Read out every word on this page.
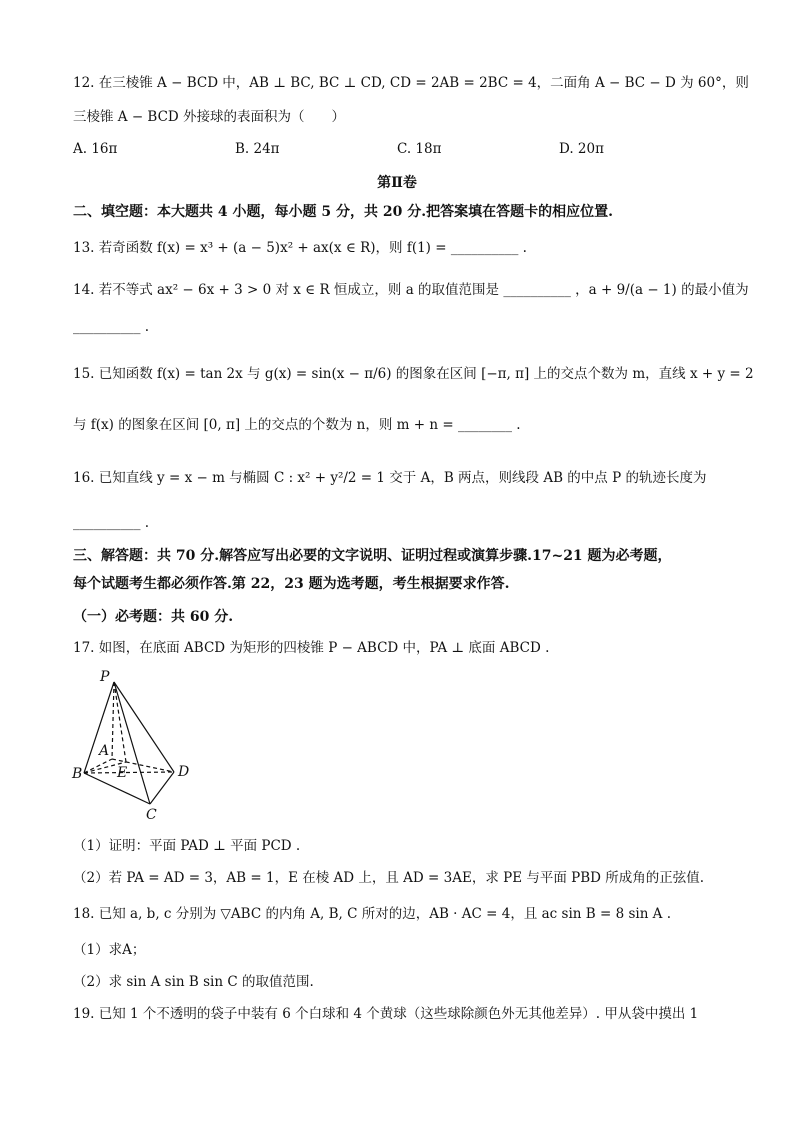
12. 在三棱锥 A − BCD 中，AB ⊥ BC, BC ⊥ CD, CD = 2AB = 2BC = 4，二面角 A − BC − D 为 60°，则
三棱锥 A − BCD 外接球的表面积为（　　）
A. 16π	B. 24π	C. 18π	D. 20π
第Ⅱ卷
二、填空题：本大题共 4 小题，每小题 5 分，共 20 分.把答案填在答题卡的相应位置.
13. 若奇函数 f(x) = x³ + (a − 5)x² + ax(x ∈ R)，则 f(1) = __________ .
14. 若不等式 ax² − 6x + 3 > 0 对 x ∈ R 恒成立，则 a 的取值范围是 __________ ，a + 9/(a − 1) 的最小值为
__________ .
15. 已知函数 f(x) = tan 2x 与 g(x) = sin(x − π/6) 的图象在区间 [−π, π] 上的交点个数为 m，直线 x + y = 2
与 f(x) 的图象在区间 [0, π] 上的交点的个数为 n，则 m + n = ________ .
16. 已知直线 y = x − m 与椭圆 C : x² + y²/2 = 1 交于 A，B 两点，则线段 AB 的中点 P 的轨迹长度为
__________ .
三、解答题：共 70 分.解答应写出必要的文字说明、证明过程或演算步骤.17~21 题为必考题，
每个试题考生都必须作答.第 22，23 题为选考题，考生根据要求作答.
（一）必考题：共 60 分.
17. 如图，在底面 ABCD 为矩形的四棱锥 P − ABCD 中，PA ⊥ 底面 ABCD .
P
A
B E	D
C
（1）证明：平面 PAD ⊥ 平面 PCD .
（2）若 PA = AD = 3，AB = 1，E 在棱 AD 上，且 AD = 3AE，求 PE 与平面 PBD 所成角的正弦值.
18. 已知 a, b, c 分别为 ▽ABC 的内角 A, B, C 所对的边，AB · AC = 4，且 ac sin B = 8 sin A .
（1）求A；
（2）求 sin A sin B sin C 的取值范围.
19. 已知 1 个不透明的袋子中装有 6 个白球和 4 个黄球（这些球除颜色外无其他差异）. 甲从袋中摸出 1
